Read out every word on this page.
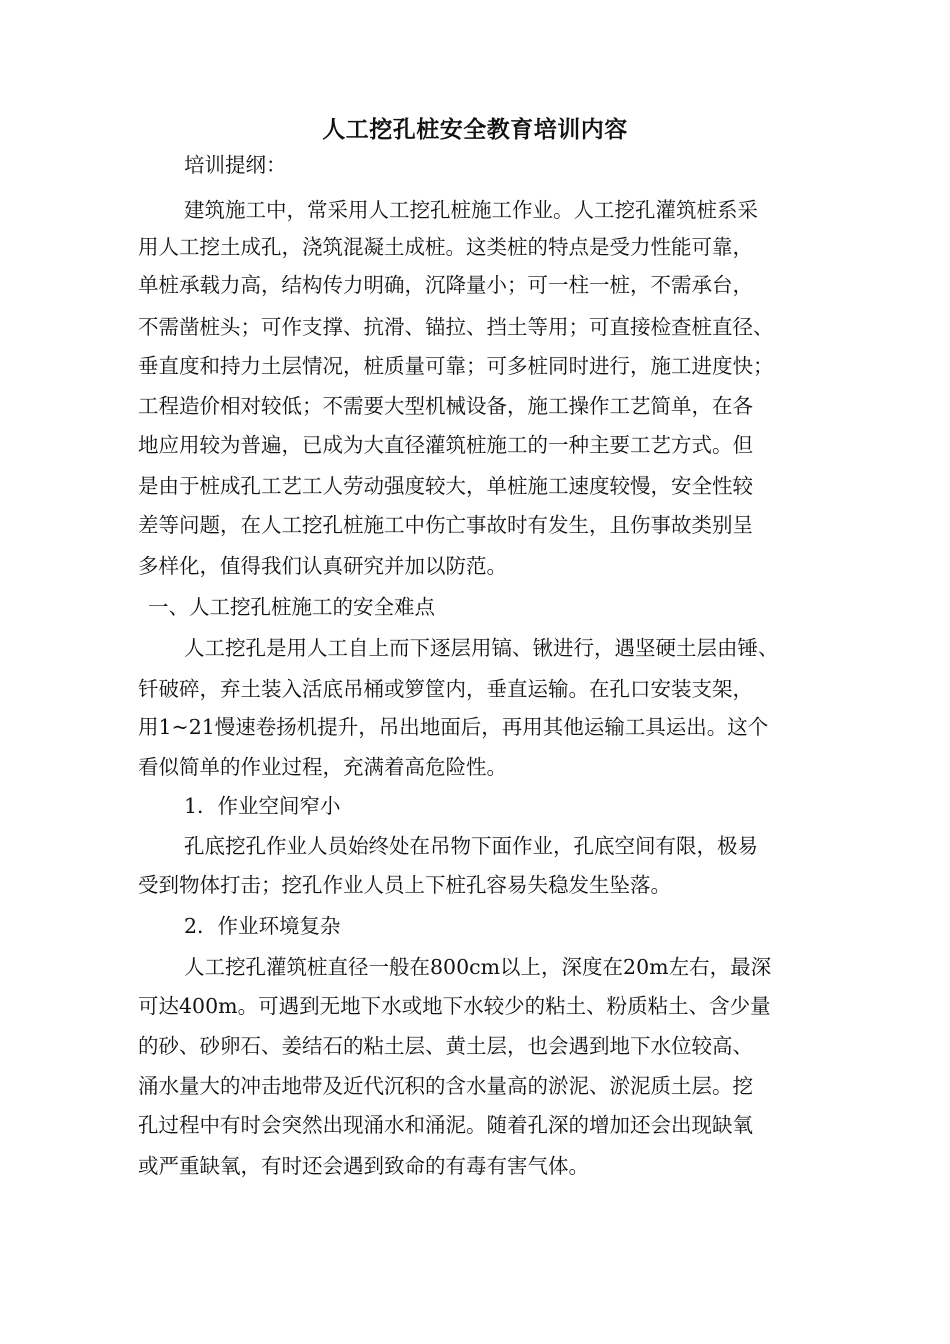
人工挖孔桩安全教育培训内容
培训提纲：
建筑施工中，常采用人工挖孔桩施工作业。人工挖孔灌筑桩系采
用人工挖土成孔，浇筑混凝土成桩。这类桩的特点是受力性能可靠，
单桩承载力高，结构传力明确，沉降量小；可一柱一桩，不需承台，
不需凿桩头；可作支撑、抗滑、锚拉、挡土等用；可直接检查桩直径、
垂直度和持力土层情况，桩质量可靠；可多桩同时进行，施工进度快；
工程造价相对较低；不需要大型机械设备，施工操作工艺简单，在各
地应用较为普遍，已成为大直径灌筑桩施工的一种主要工艺方式。但
是由于桩成孔工艺工人劳动强度较大，单桩施工速度较慢，安全性较
差等问题，在人工挖孔桩施工中伤亡事故时有发生，且伤事故类别呈
多样化，值得我们认真研究并加以防范。
一、人工挖孔桩施工的安全难点
人工挖孔是用人工自上而下逐层用镐、锹进行，遇坚硬土层由锤、
钎破碎，弃土装入活底吊桶或箩筐内，垂直运输。在孔口安装支架，
用1~21慢速卷扬机提升，吊出地面后，再用其他运输工具运出。这个
看似简单的作业过程，充满着高危险性。
1．作业空间窄小
孔底挖孔作业人员始终处在吊物下面作业，孔底空间有限，极易
受到物体打击；挖孔作业人员上下桩孔容易失稳发生坠落。
2．作业环境复杂
人工挖孔灌筑桩直径一般在800cm以上，深度在20m左右，最深
可达400m。可遇到无地下水或地下水较少的粘土、粉质粘土、含少量
的砂、砂卵石、姜结石的粘土层、黄土层，也会遇到地下水位较高、
涌水量大的冲击地带及近代沉积的含水量高的淤泥、淤泥质土层。挖
孔过程中有时会突然出现涌水和涌泥。随着孔深的增加还会出现缺氧
或严重缺氧，有时还会遇到致命的有毒有害气体。
